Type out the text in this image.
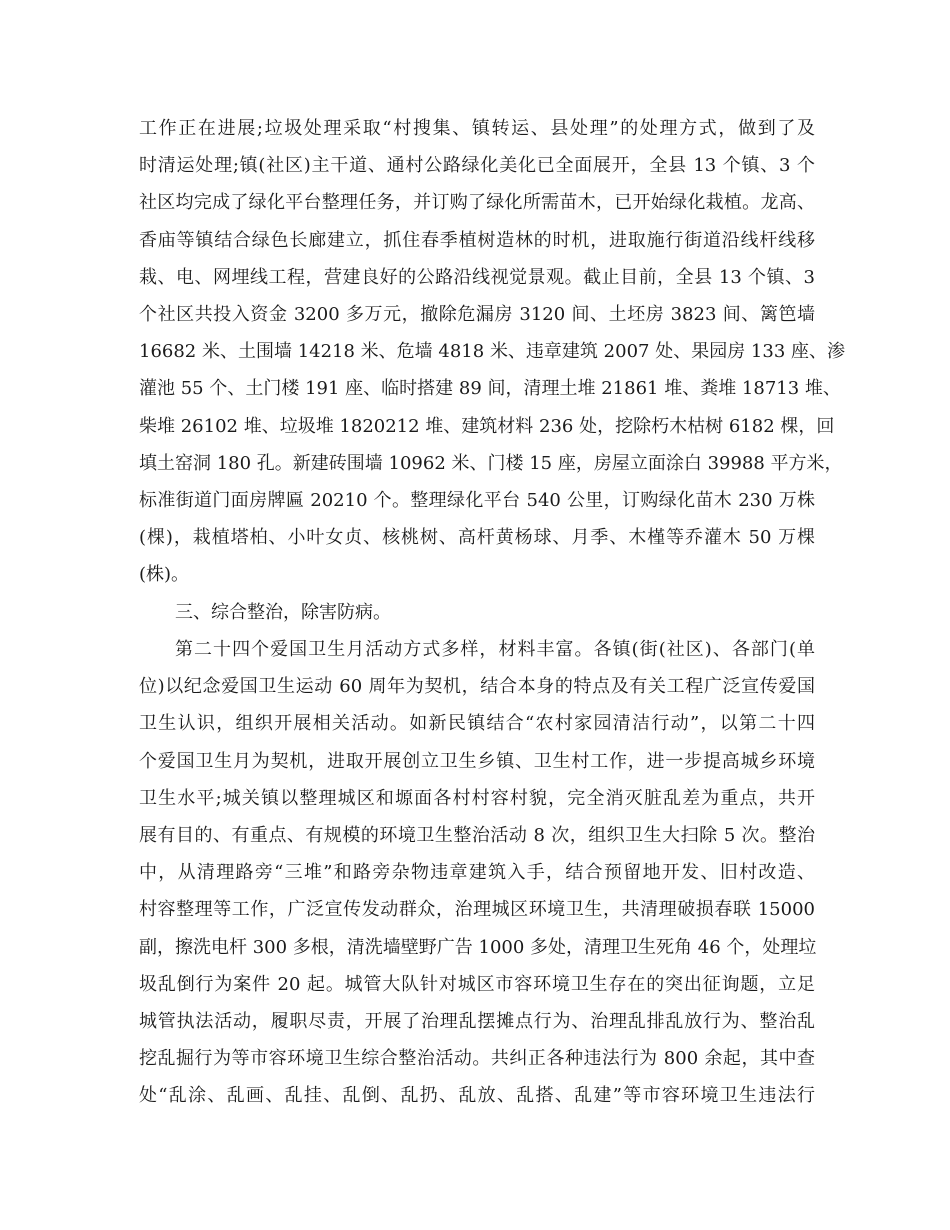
工作正在进展;垃圾处理采取“村搜集、镇转运、县处理”的处理方式，做到了及
时清运处理;镇(社区)主干道、通村公路绿化美化已全面展开，全县 13 个镇、3 个
社区均完成了绿化平台整理任务，并订购了绿化所需苗木，已开始绿化栽植。龙高、
香庙等镇结合绿色长廊建立，抓住春季植树造林的时机，进取施行街道沿线杆线移
栽、电、网埋线工程，营建良好的公路沿线视觉景观。截止目前，全县 13 个镇、3
个社区共投入资金 3200 多万元，撤除危漏房 3120 间、土坯房 3823 间、篱笆墙
16682 米、土围墙 14218 米、危墙 4818 米、违章建筑 2007 处、果园房 133 座、渗
灌池 55 个、土门楼 191 座、临时搭建 89 间，清理土堆 21861 堆、粪堆 18713 堆、
柴堆 26102 堆、垃圾堆 1820212 堆、建筑材料 236 处，挖除朽木枯树 6182 棵，回
填土窑洞 180 孔。新建砖围墙 10962 米、门楼 15 座，房屋立面涂白 39988 平方米，
标准街道门面房牌匾 20210 个。整理绿化平台 540 公里，订购绿化苗木 230 万株
(棵)，栽植塔柏、小叶女贞、核桃树、高杆黄杨球、月季、木槿等乔灌木 50 万棵
(株)。
三、综合整治，除害防病。
第二十四个爱国卫生月活动方式多样，材料丰富。各镇(街(社区)、各部门(单
位)以纪念爱国卫生运动 60 周年为契机，结合本身的特点及有关工程广泛宣传爱国
卫生认识，组织开展相关活动。如新民镇结合“农村家园清洁行动”，以第二十四
个爱国卫生月为契机，进取开展创立卫生乡镇、卫生村工作，进一步提高城乡环境
卫生水平;城关镇以整理城区和塬面各村村容村貌，完全消灭脏乱差为重点，共开
展有目的、有重点、有规模的环境卫生整治活动 8 次，组织卫生大扫除 5 次。整治
中，从清理路旁“三堆”和路旁杂物违章建筑入手，结合预留地开发、旧村改造、
村容整理等工作，广泛宣传发动群众，治理城区环境卫生，共清理破损春联 15000
副，擦洗电杆 300 多根，清洗墙壁野广告 1000 多处，清理卫生死角 46 个，处理垃
圾乱倒行为案件 20 起。城管大队针对城区市容环境卫生存在的突出征询题，立足
城管执法活动，履职尽责，开展了治理乱摆摊点行为、治理乱排乱放行为、整治乱
挖乱掘行为等市容环境卫生综合整治活动。共纠正各种违法行为 800 余起，其中查
处“乱涂、乱画、乱挂、乱倒、乱扔、乱放、乱搭、乱建”等市容环境卫生违法行
